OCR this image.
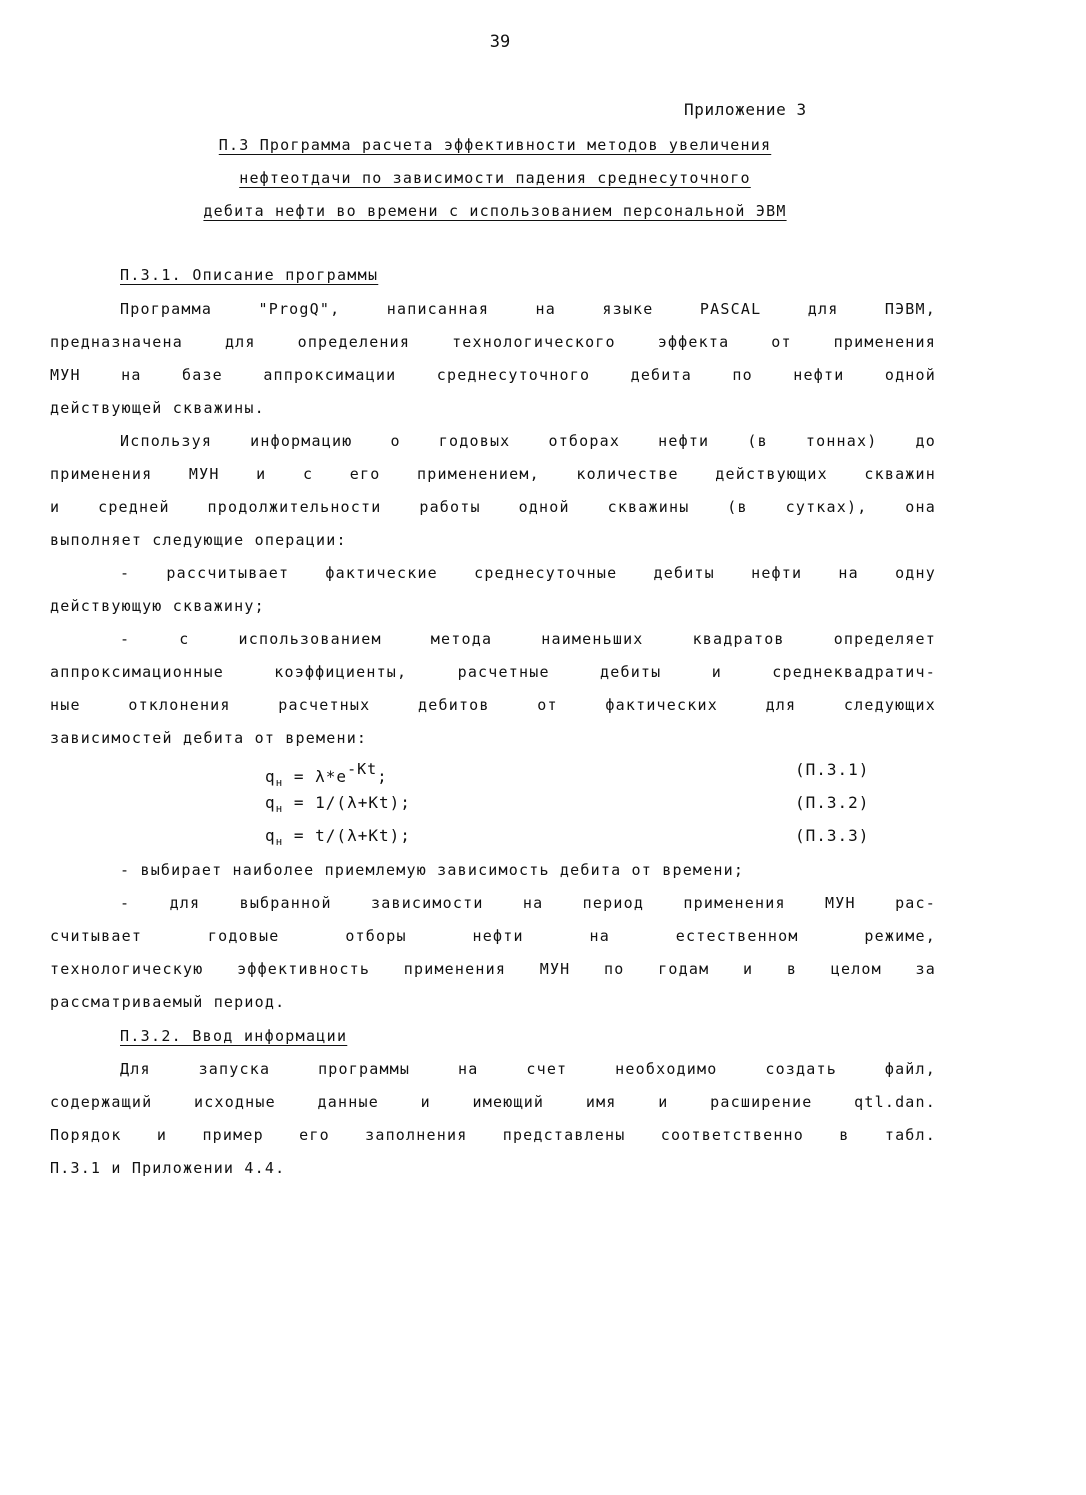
39
Приложение 3
П.3 Программа расчета эффективности методов увеличения
нефтеотдачи по зависимости падения среднесуточного
дебита нефти во времени с использованием персональной ЭВМ
П.3.1. Описание программы
Программа "ProgQ", написанная на языке PASCAL для ПЭВМ,
предназначена для определения технологического эффекта от применения
МУН на базе аппроксимации среднесуточного дебита по нефти одной
действующей скважины.
Используя информацию о годовых отборах нефти (в тоннах) до
применения МУН и с его применением, количестве действующих скважин
и средней продолжительности работы одной скважины (в сутках), она
выполняет следующие операции:
- рассчитывает фактические среднесуточные дебиты нефти на одну
действующую скважину;
- с использованием метода наименьших квадратов определяет
аппроксимационные коэффициенты, расчетные дебиты и среднеквадратич-
ные отклонения расчетных дебитов от фактических для следующих
зависимостей дебита от времени:
$q_н = \lambda*e^{-Kt}$;	(П.3.1)
$q_н = 1/(\lambda+Kt)$;	(П.3.2)
$q_н = t/(\lambda+Kt)$;	(П.3.3)
- выбирает наиболее приемлемую зависимость дебита от времени;
- для выбранной зависимости на период применения МУН рас-
считывает годовые отборы нефти на естественном режиме,
технологическую эффективность применения МУН по годам и в целом за
рассматриваемый период.
П.3.2. Ввод информации
Для запуска программы на счет необходимо создать файл,
содержащий исходные данные и имеющий имя и расширение qtl.dan.
Порядок и пример его заполнения представлены соответственно в табл.
П.3.1 и Приложении 4.4.
